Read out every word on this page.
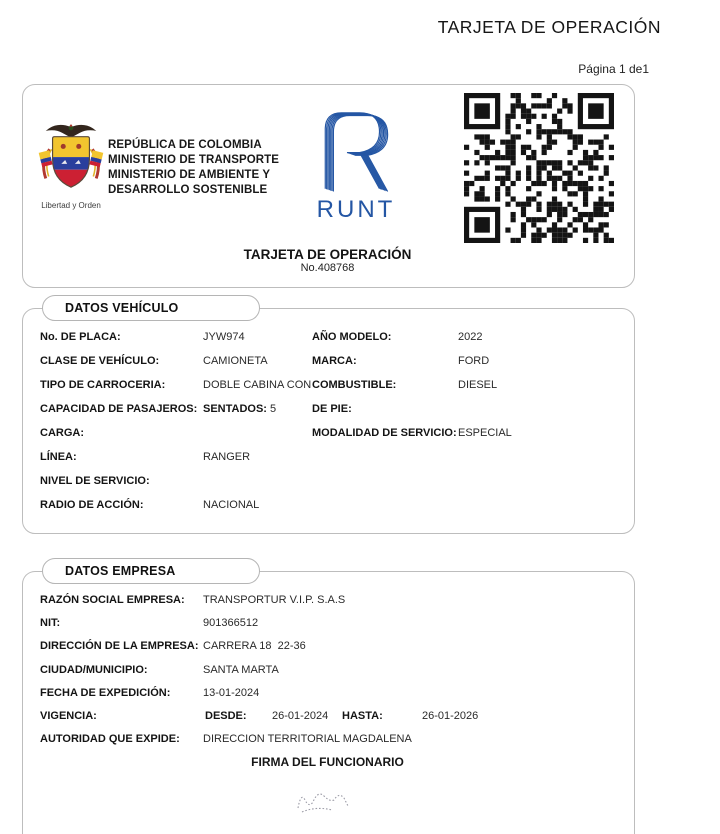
TARJETA DE OPERACIÓN
Página 1 de1
Libertad y Orden
REPÚBLICA DE COLOMBIA
MINISTERIO DE TRANSPORTE
MINISTERIO DE AMBIENTE Y
DESARROLLO SOSTENIBLE
RUNT
TARJETA DE OPERACIÓN
No.408768
DATOS VEHÍCULO
No. DE PLACA:	JYW974	AÑO MODELO:	2022
CLASE DE VEHÍCULO:	CAMIONETA	MARCA:	FORD
TIPO DE CARROCERIA:	DOBLE CABINA CON COMBUSTIBLE:	DIESEL
CAPACIDAD DE PASAJEROS: SENTADOS: 5	DE PIE:
CARGA:	MODALIDAD DE SERVICIO: ESPECIAL
LÍNEA:	RANGER
NIVEL DE SERVICIO:
RADIO DE ACCIÓN:	NACIONAL
DATOS EMPRESA
RAZÓN SOCIAL EMPRESA: TRANSPORTUR V.I.P. S.A.S
NIT:	901366512
DIRECCIÓN DE LA EMPRESA: CARRERA 18  22-36
CIUDAD/MUNICIPIO:	SANTA MARTA
FECHA DE EXPEDICIÓN:	13-01-2024
VIGENCIA:	DESDE: 26-01-2024 HASTA:	26-01-2026
AUTORIDAD QUE EXPIDE: DIRECCION TERRITORIAL MAGDALENA
FIRMA DEL FUNCIONARIO
